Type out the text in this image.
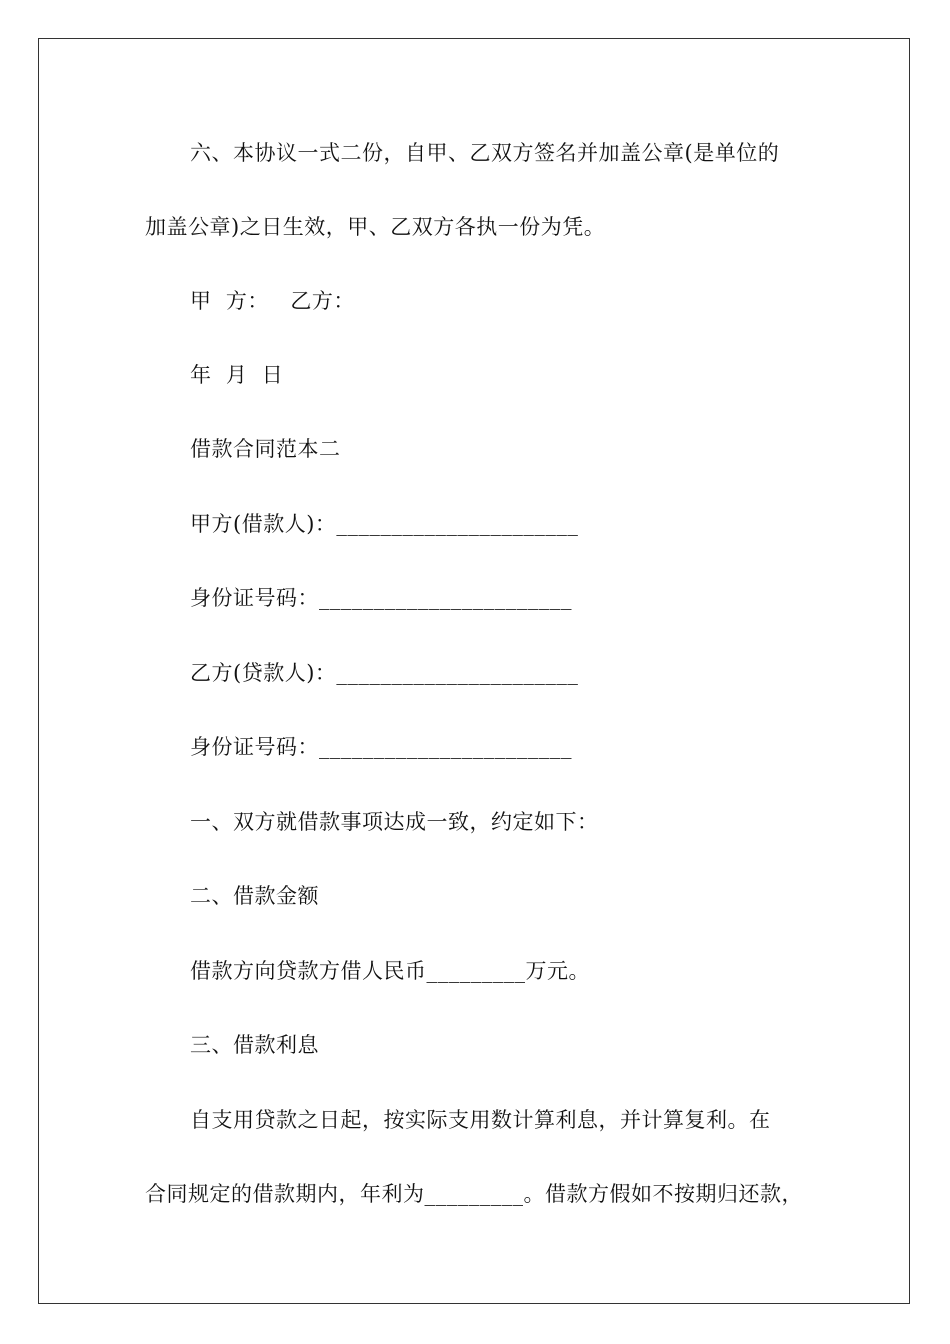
六、本协议一式二份，自甲、乙双方签名并加盖公章(是单位的
加盖公章)之日生效，甲、乙双方各执一份为凭。
甲  方：   乙方：
年  月  日
借款合同范本二
甲方(借款人)：______________________
身份证号码：_______________________
乙方(贷款人)：______________________
身份证号码：_______________________
一、双方就借款事项达成一致，约定如下：
二、借款金额
借款方向贷款方借人民币_________万元。
三、借款利息
自支用贷款之日起，按实际支用数计算利息，并计算复利。在
合同规定的借款期内，年利为_________。借款方假如不按期归还款，
